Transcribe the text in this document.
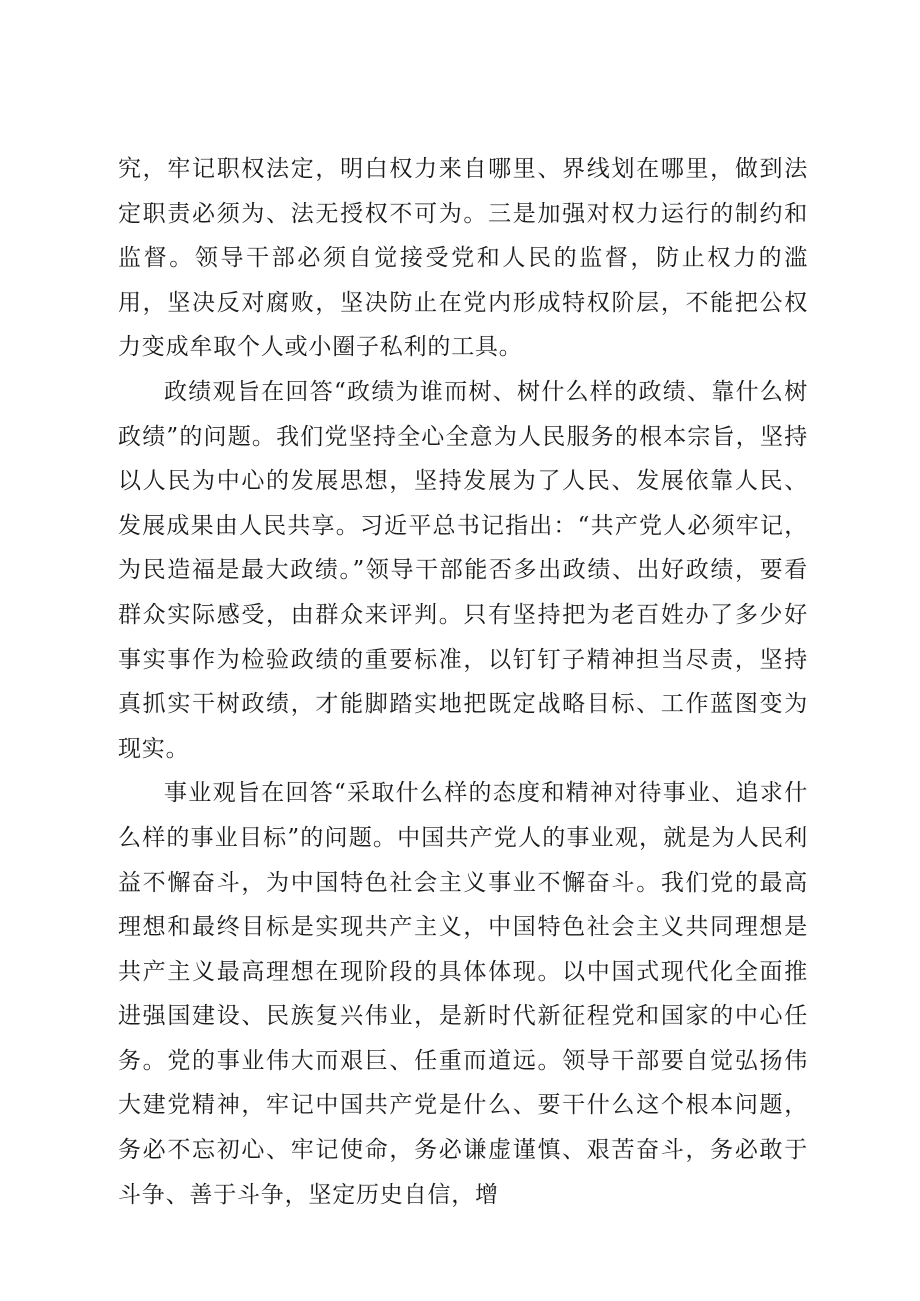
究，牢记职权法定，明白权力来自哪里、界线划在哪里，做到法定职责必须为、法无授权不可为。三是加强对权力运行的制约和监督。领导干部必须自觉接受党和人民的监督，防止权力的滥用，坚决反对腐败，坚决防止在党内形成特权阶层，不能把公权力变成牟取个人或小圈子私利的工具。

政绩观旨在回答“政绩为谁而树、树什么样的政绩、靠什么树政绩”的问题。我们党坚持全心全意为人民服务的根本宗旨，坚持以人民为中心的发展思想，坚持发展为了人民、发展依靠人民、发展成果由人民共享。习近平总书记指出：“共产党人必须牢记，为民造福是最大政绩。”领导干部能否多出政绩、出好政绩，要看群众实际感受，由群众来评判。只有坚持把为老百姓办了多少好事实事作为检验政绩的重要标准，以钉钉子精神担当尽责，坚持真抓实干树政绩，才能脚踏实地把既定战略目标、工作蓝图变为现实。

事业观旨在回答“采取什么样的态度和精神对待事业、追求什么样的事业目标”的问题。中国共产党人的事业观，就是为人民利益不懈奋斗，为中国特色社会主义事业不懈奋斗。我们党的最高理想和最终目标是实现共产主义，中国特色社会主义共同理想是共产主义最高理想在现阶段的具体体现。以中国式现代化全面推进强国建设、民族复兴伟业，是新时代新征程党和国家的中心任务。党的事业伟大而艰巨、任重而道远。领导干部要自觉弘扬伟大建党精神，牢记中国共产党是什么、要干什么这个根本问题，务必不忘初心、牢记使命，务必谦虚谨慎、艰苦奋斗，务必敢于斗争、善于斗争，坚定历史自信，增
